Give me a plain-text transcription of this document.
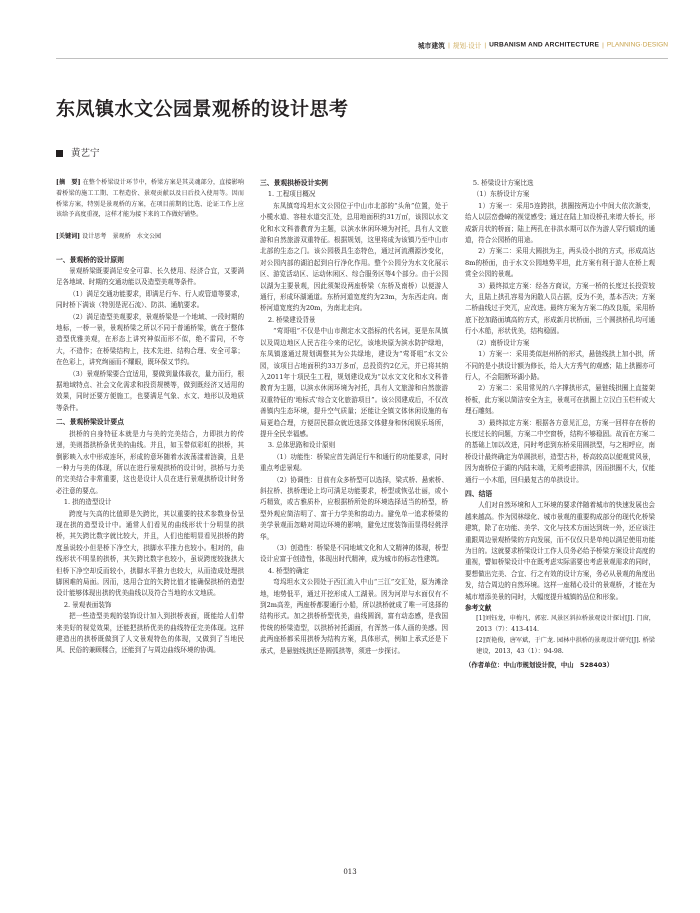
城市建筑 | 规划·设计 | URBANISM AND ARCHITECTURE | PLANNING·DESIGN
东凤镇水文公园景观桥的设计思考
黄艺宁

[摘　要] 在整个桥梁设计环节中，桥梁方案是其灵魂部分，直接影响着桥梁的施工工期、工程造价、景观贡献以及日后投入使用等。因而桥梁方案，特别是景观桥的方案，在项目前期的比选、论证工作上应该给予高度重视，这样才能为接下来的工作做好铺垫。

[关键词] 设计思考　景观桥　水文公园

一、景观桥的设计原则

景观桥梁既要满足安全可靠、长久使用、经济合宜，又要满足各地域、时期的交通功能以及造型美观等条件。

（1）满足交通功能要求，即满足行车、行人或管道等要求，同时桥下满该（特别是泥石流）、防洪、通航要求。

（2）满足造型美观要求，景观桥梁是一个地域、一段时期的地标，一桥一景，景观桥梁之所以不同于普通桥梁，就在于整体造型优雅美观，在形态上讲究神似而形不似，绝不雷同，不夸大，不造作；在桥梁结构上，技术先进、结构合理、安全可靠；在色彩上，讲究绚丽而不耀眼，既环保又节约。

（3）景观桥梁要合宜适用，要做到量体裁衣，量力而行，根据地域特点、社会文化需求和投资规模等，做到既经济又适用的效果，同时还要方便施工，也要满足气象、水文、地形以及地质等条件。

二、景观桥梁设计要点

拱桥的自身特征本就是力与美的完美结合，力即拱力的传递，美则指拱桥条优美的曲线。并且，如玉带似彩虹的拱桥，其倒影映入水中形成连环，形成的意环随着水波荡漾着涟漪，且是一种力与美的体现，所以在进行景观拱桥的设计时，拱桥与力美的完美结合非常重要，这也是设计人员在进行景观拱桥设计时务必注意的要点。

1. 拱的造型设计

跨度与矢高的比值即是矢跨比，其以重要的技术参数身份呈现在拱的造型设计中。通常人们看见的曲线形状十分明显的拱桥，其矢跨比数字就比较大，并且，人们也能明显看见拱桥的跨度虽说较小但是桥下净空大，拱脚水平推力也较小。相对的，曲线形状不明显的拱桥，其矢跨比数字也较小，虽说跨度较拢拱大但桥下净空却反而较小，拱脚水平推力也较大，从而造成处理拱脚困难的局面。因而，选用合宜的矢跨比值才能确保拱桥的造型设计能够体现出拱的优美曲线以及符合当地的水文地质。

2. 景观表面装饰

把一些造型美观的装饰设计加入到拱桥表面，既能给人们带来美好的视觉效果，还能把拱桥优美的曲线特征完美体现。这样建造出的拱桥既做到了人文景观特色的体现，又做到了当地民风、民俗的兼顾糅合，还能到了与周边曲线环境的协调。

三、景观拱桥设计实例

1. 工程项目概况

东凤镇弯坞坦水文公园位于中山市北部的“头角”位置，处于小榄水道、容桂水道交汇处，总用地面积约31万㎡，该园以水文化和水文科普教育为主题，以滨水休闲环境为衬托，具有人文旅游和自然旅游双重特征。根据规划，这里将成为该镇乃至中山市北部的生态之门。该公园极具生态特色，通过河流溯源沙变化，对公园内部的湖泊起到自行净化作用。整个公园分为水文化展示区、游览活动区、运动休闲区、综合服务区等4个部分。由于公园以湖为主要景观，因此须架设两座桥梁（东桥及南桥）以便游人通行，形成环湖通道。东桥河道宽度约为23m，为东西走向。南桥河道宽度约为20m，为南北走向。

2. 桥梁建设背景

“莺哥咀”不仅是中山市测定水文指标的代名词，更是东凤镇以及周边地区人民古往今来的记忆，该地块原为滨水防护绿地，东凤镇遂通过规划调整其为公共绿地，建设为“莺哥咀”水文公园，该项目占地面积约33万多㎡，总投资约2亿元，并已将其纳入2011年十项民生工程，规划建设成为“以水文文化和水文科普教育为主题，以滨水休闲环境为衬托，具有人文旅游和自然旅游双重特征的‘地标式’综合文化旅游项目”。该公园建成后，不仅改善镇内生态环境，提升空气质量；还能让全镇文体休闲设施的布局更趋合理，方便居民群众就近选择文体健身和休闲娱乐场所，提升全民幸福感。

3. 总体思路和设计原则

（1）功能性：桥梁应首先满足行车和通行的功能要求，同时重点考虑景观。

（2）协调性：目前有众多桥型可以选择，梁式桥、悬索桥、斜拉桥、拱桥理论上均可满足功能要求，桥型或恢弘壮丽，或小巧精致，或古雅质朴，应根据桥所处的环境选择适当的桥型，桥型外观应简洁明了、富于力学美和韵动力。避免单一追求桥梁的美学景观而忽略对周边环境的影响，避免过度装饰而显得轻佻浮华。

（3）创造性：桥梁是不同地域文化和人文精神的体现，桥型设计应富于创造性，体现出时代精神，成为城市的标志性建筑。

4. 桥型的确定

弯坞坦水文公园处于西江流入中山“三江”交汇处，原为滩涂地，地势低平，通过开挖形成人工湖景。因为河岸与水面仅有不到2m高差，两座桥都要通行小船，所以拱桥就成了唯一可选择的结构形式。加之拱桥桥型优美，曲线圆润，富有动态感，是我国传统的桥梁造型，以拱桥衬托湖面，有浑然一体人画的美感。因此两座桥都采用拱桥为结构方案，具体形式，例如上承式还是下承式，是悬链线拱还是圆弧拱等，须进一步探讨。

5. 桥梁设计方案比选

（1）东桥设计方案

1）方案一：采用5连跨拱，拱圈按两边小中间大依次渐变，给人以层峦叠嶂的视觉感受；通过在陆上加设桥孔来增大桥长，形成新月状的桥面；陆上两孔在非洪水期可以作为游人穿行嬉戏的通道，符合公园桥的用途。

2）方案二：采用大圆拱为主，两头设小拱的方式，形成高达8m的桥面，由于水文公园地势平坦，此方案有利于游人在桥上观赏全公园的景观。

3）最终拟定方案：经各方商议，方案一桥的长度过长投资较大，且陆上拱孔容易为闲散人员占据，反为不美，基本否决；方案二桥曲线过于突兀，应改进。最终方案为方案二的改良版，采用桥底下挖加路面填高的方式，形成新月状桥面，三个圆拱桥孔均可通行小木船，形状优美，结构稳固。

（2）南桥设计方案

1）方案一：采用类似赵州桥的形式，悬链线拱上加小拱，所不同的是小拱设计额为修长，给人大方秀气的观感；陆上拱圈亦可行人，不会阻断环湖小路。

2）方案二：采用常见的八字撑拱形式，悬链线拱圈上直接架桥板，此方案以简洁安全为主，景观可在拱圈上立汉白玉栏杆或大理石雕刻。

3）最终拟定方案：根据各方意见汇总，方案一回样存在桥的长度过长的问题，方案二中空窗桥，结构不够稳固。故而在方案二的基础上加以改进，同时考虑到东桥采用圆拱型，与之相呼应，南桥设计最终确定为单圆拱形，造型古朴，桥高较高以便观赏风景，因为南桥位于湖的内陆末端，无须考虑排洪，因而拱圈不大，仅能通行一小木船，回归最复古的单拱设计。

四、结语

人们对自然环境和人工环境的要求伴随着城市的快速发展也会越来越高。作为园林绿化、城市景观的重要构成部分的现代化桥梁建筑，除了在功能、美学、文化与技术方面达到统一外，还应该注重跟周边景观桥梁的方向发展，而不仅仅只是单纯以满足使用功能为目的。这就要求桥梁设计工作人员务必给予桥梁方案设计高度的重视，譬如桥梁设计中在既考虑实际需要也考虑景观需求的同时，要想做出完美、合宜、行之有效的设计方案，务必从景观的角度出发，结合周边的自然环境。这样一座精心设计的景观桥，才能在为城市增添美景的同时，大幅度提升城镇的品位和形象。

参考文献

[1]刘钰龙，申梅凡，郭宏. 风景区斜拉桥景观设计探讨[J]. 门窗，2013（7）：413-414.

[2]贾艳俊，唐军斌，于广龙. 园林中拱桥的景观设计研究[J]. 桥梁建设，2013，43（1）：94-98.

（作者单位：中山市规划设计院，中山　528403）

013
